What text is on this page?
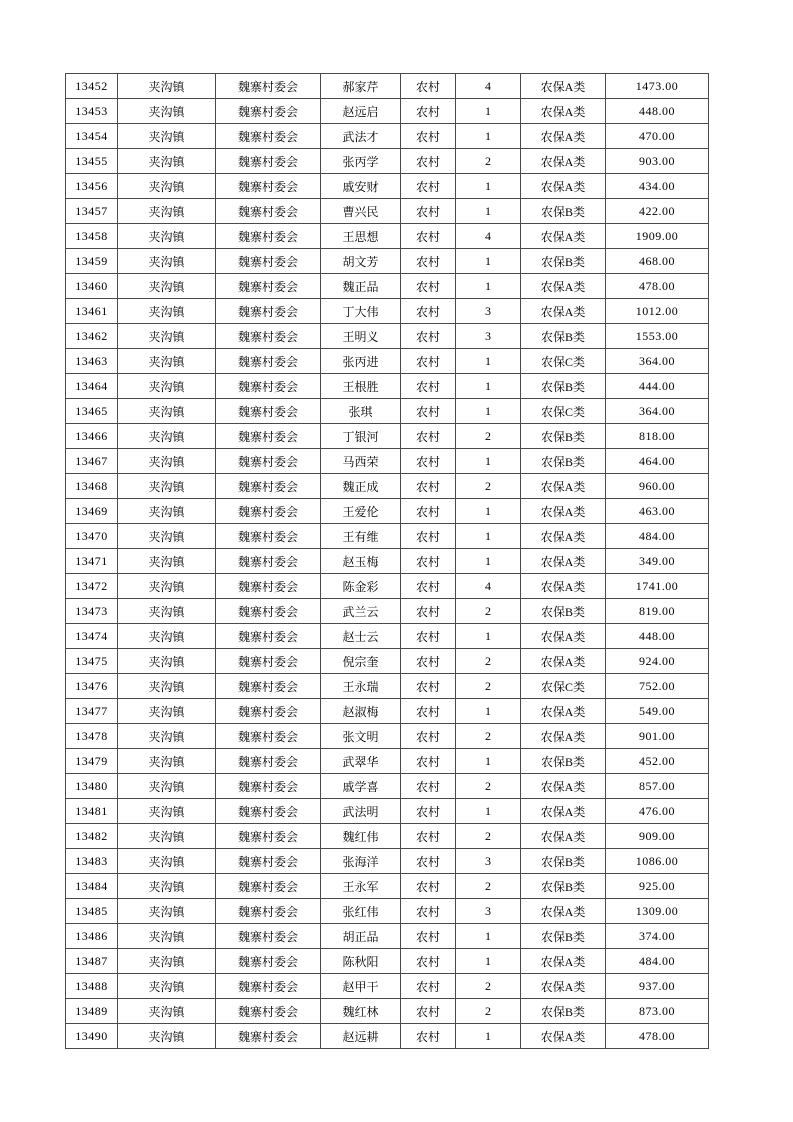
13452	夹沟镇	魏寨村委会	郝家芹	农村	4	农保A类	1473.00
13453	夹沟镇	魏寨村委会	赵远启	农村	1	农保A类	448.00
13454	夹沟镇	魏寨村委会	武法才	农村	1	农保A类	470.00
13455	夹沟镇	魏寨村委会	张丙学	农村	2	农保A类	903.00
13456	夹沟镇	魏寨村委会	戚安财	农村	1	农保A类	434.00
13457	夹沟镇	魏寨村委会	曹兴民	农村	1	农保B类	422.00
13458	夹沟镇	魏寨村委会	王思想	农村	4	农保A类	1909.00
13459	夹沟镇	魏寨村委会	胡文芳	农村	1	农保B类	468.00
13460	夹沟镇	魏寨村委会	魏正品	农村	1	农保A类	478.00
13461	夹沟镇	魏寨村委会	丁大伟	农村	3	农保A类	1012.00
13462	夹沟镇	魏寨村委会	王明义	农村	3	农保B类	1553.00
13463	夹沟镇	魏寨村委会	张丙进	农村	1	农保C类	364.00
13464	夹沟镇	魏寨村委会	王根胜	农村	1	农保B类	444.00
13465	夹沟镇	魏寨村委会	张琪	农村	1	农保C类	364.00
13466	夹沟镇	魏寨村委会	丁银河	农村	2	农保B类	818.00
13467	夹沟镇	魏寨村委会	马西荣	农村	1	农保B类	464.00
13468	夹沟镇	魏寨村委会	魏正成	农村	2	农保A类	960.00
13469	夹沟镇	魏寨村委会	王爱伦	农村	1	农保A类	463.00
13470	夹沟镇	魏寨村委会	王有维	农村	1	农保A类	484.00
13471	夹沟镇	魏寨村委会	赵玉梅	农村	1	农保A类	349.00
13472	夹沟镇	魏寨村委会	陈金彩	农村	4	农保A类	1741.00
13473	夹沟镇	魏寨村委会	武兰云	农村	2	农保B类	819.00
13474	夹沟镇	魏寨村委会	赵士云	农村	1	农保A类	448.00
13475	夹沟镇	魏寨村委会	倪宗奎	农村	2	农保A类	924.00
13476	夹沟镇	魏寨村委会	王永瑞	农村	2	农保C类	752.00
13477	夹沟镇	魏寨村委会	赵淑梅	农村	1	农保A类	549.00
13478	夹沟镇	魏寨村委会	张文明	农村	2	农保A类	901.00
13479	夹沟镇	魏寨村委会	武翠华	农村	1	农保B类	452.00
13480	夹沟镇	魏寨村委会	戚学喜	农村	2	农保A类	857.00
13481	夹沟镇	魏寨村委会	武法明	农村	1	农保A类	476.00
13482	夹沟镇	魏寨村委会	魏红伟	农村	2	农保A类	909.00
13483	夹沟镇	魏寨村委会	张海洋	农村	3	农保B类	1086.00
13484	夹沟镇	魏寨村委会	王永军	农村	2	农保B类	925.00
13485	夹沟镇	魏寨村委会	张红伟	农村	3	农保A类	1309.00
13486	夹沟镇	魏寨村委会	胡正品	农村	1	农保B类	374.00
13487	夹沟镇	魏寨村委会	陈秋阳	农村	1	农保A类	484.00
13488	夹沟镇	魏寨村委会	赵甲干	农村	2	农保A类	937.00
13489	夹沟镇	魏寨村委会	魏红林	农村	2	农保B类	873.00
13490	夹沟镇	魏寨村委会	赵远耕	农村	1	农保A类	478.00
